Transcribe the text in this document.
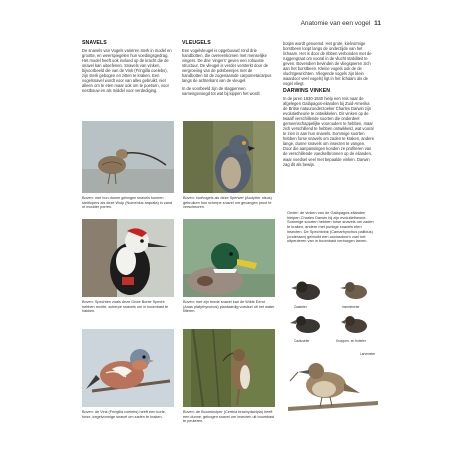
Anatomie van een vogel 11
SNAVELS

De snavels van Vogels variëren sterk in model en grootte, en weerspiegelen hun voedingsgedrag. Het model heeft ook invloed op de kracht die de snavel kan uitoefenen. Snavels van vinken, bijvoorbeeld die van de Vink (Fringilla coelebs), zijn sterk gebogen en zitten te kraken. Een vogelsnavel wordt voor van alles gebruikt, niet alleen om te eten maar ook om te poetsen, voor nestbouw en als middel voor verdediging.

VLEUGELS

Een vogelvleugel is opgebouwd rond drie handbotten, die overeenkomen met menselijke vingers. De drie 'vingers' geven een robuuste structuur. De vleugel is verder versterkt door de vergroeiing van de polsbeenjes met de handbotten tot de zogenaamde carpometacarpus langs de achterkant van de vleugel.

In de voorbeeld zijn de slagpennen samengevoegd tot wat bij kippen het wordt

botjes wordt genoemd. Het grote, kielvormige borstbeen loopt langs de onderzijde van het lichaam. Het is door de ribben verbonden met de ruggengraat om vooral in de vlucht stabiliteit te geven. Bovendien bevinden de vliegspieren zich aan het borstbeen. Kleine vogels ook de de vluchtgewrichten. Vliegende vogels zijn klein waardoor veel vogels) ligt in het lichaam als de vogel vliegt.

DARWINS VINKEN

In de jaren 1830-1840 hielp een reis naar de afgelegen Galápagos-eilanden bij Zuid-Amerika de Britse natuuronderzoeker Charles Darwin zijn evolutietheorie te ontwikkelen. Dir vinken op de twaalf verschillende soorten die onderdeel gemeenschappelijke voorouders te hebben, maar zich verschillend te hebben ontwikkeld, wat vooral te zien is aan hun snavels. Sommige soorten hebben forse snavels om zaden te kraken, andere lange, dunne snavels om insecten te vangen. Door die aanpassingen konden ze profiteren van de verschillende voedselbronnen op de eilanden, waar voedsel veel met bepaalde vinken. Darwin zag dit als bewijs.

Boven: met hun dunne gebogen snavels kunnen steltlopers als deze Wulp (Numenius arquata) in zand of modder porren.
Boven: roofvogels als deze Sperwer (Accipiter nisus) gebruiken hun scherpe snavel om gevangen prooi te verscheuren.
Boven: Spechten zoals deze Grote Bonte Specht hebben rechte, scherpe snavels om in boombast te hakken.
Boven: met zijn brede snavel kan de Wilde Eend (Anas platyrhynchos) plantaardig voedsel uit het water filteren.
Boven: de Vink (Fringilla coelebs) heeft een korte, forse, kegelvormige snavel om zaden te kraken.
Boven: de Boomkruiper (Certhia brachydactyla) heeft een dunne, gebogen snavel om insecten uit boombast te peuteren.
Onder: de vinken van de Galápagos-eilanden hielpen Charles Darwin bij zijn evolutietheorie. Sommige soorten hebben forse snavels om zaden te kraken, andere met puntige snavels eten insecten. De Spechtvink (Camarhynchus pallidus) (onderaan) gebruikt een cactusdoorn voel het uitpeuteren van in boombast verborgen larven.
Zaadeter	Insecteneter
Cactuseter	Knoppen- en fruiteter
Larveneter
